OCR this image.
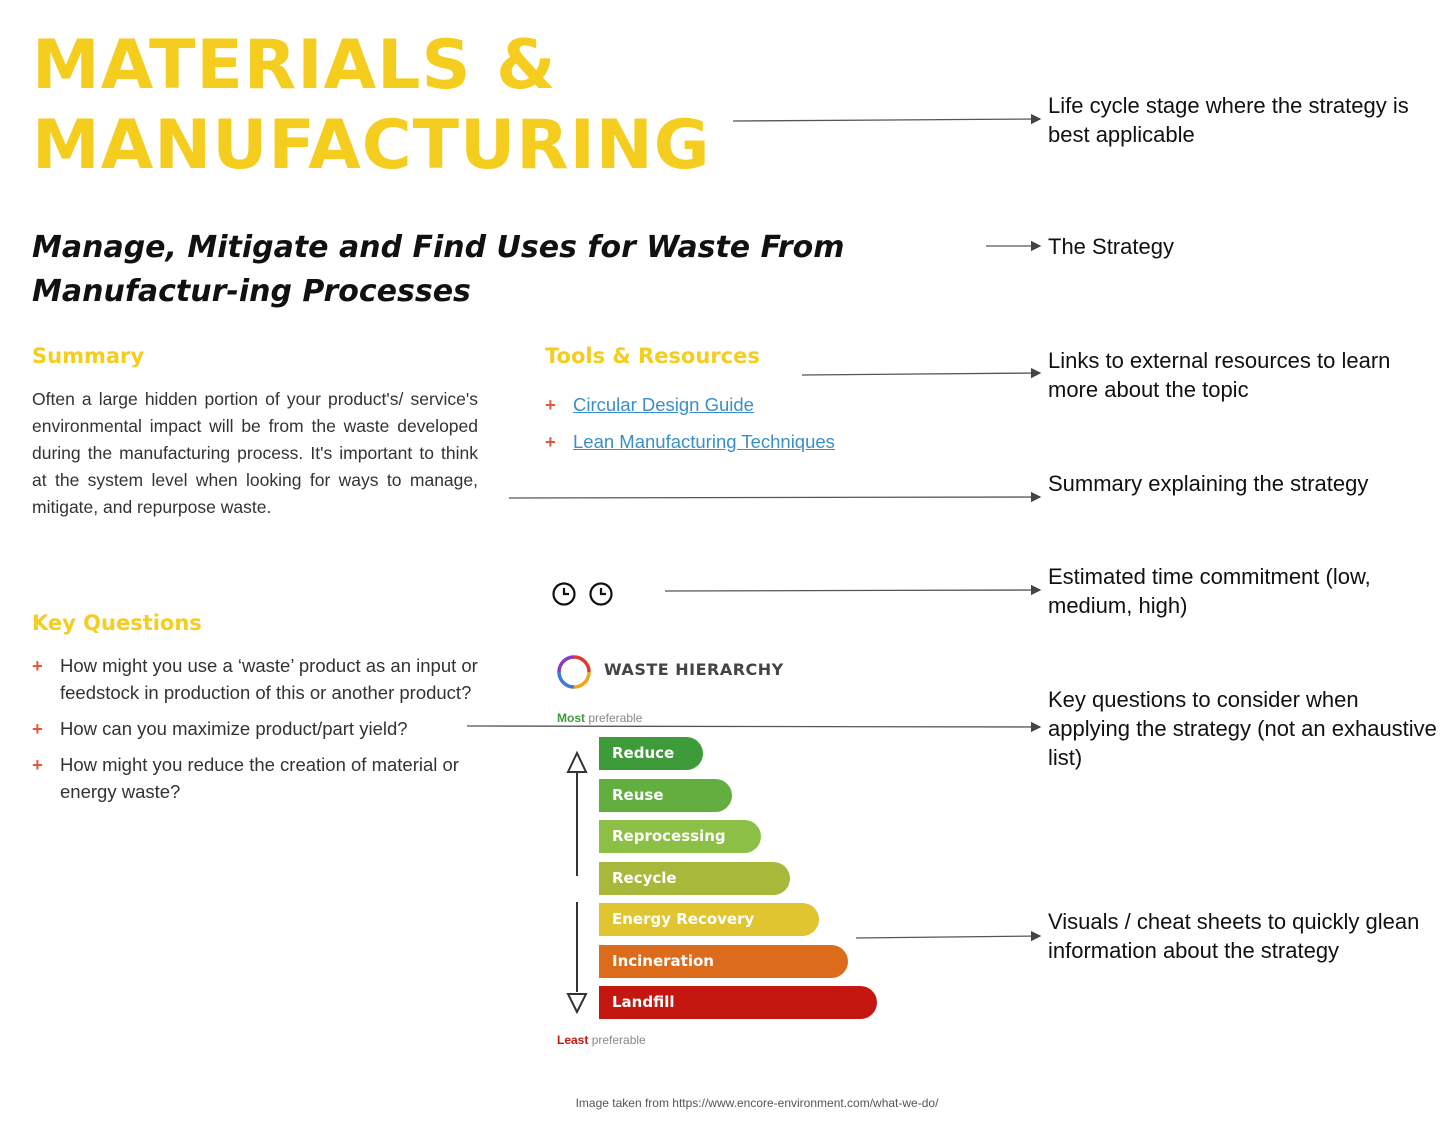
MATERIALS &
MANUFACTURING
Manage, Mitigate and Find Uses for Waste From Manufactur-ing Processes
Summary
Often a large hidden portion of your product's/ service's environmental impact will be from the waste developed during the manufacturing process. It's important to think at the system level when looking for ways to manage, mitigate, and repurpose waste.
Tools & Resources
+ Circular Design Guide
+ Lean Manufacturing Techniques
Key Questions
+ How might you use a ‘waste’ product as an input or feedstock in production of this or another product?
+ How can you maximize product/part yield?
+ How might you reduce the creation of material or energy waste?
WASTE HIERARCHY
Most preferable
Least preferable
Reduce
Reuse
Reprocessing
Recycle
Energy Recovery
Incineration
Landfill
Life cycle stage where the strategy is best applicable
The Strategy
Links to external resources to learn more about the topic
Summary explaining the strategy
Estimated time commitment (low, medium, high)
Key questions to consider when applying the strategy (not an exhaustive list)
Visuals / cheat sheets to quickly glean information about the strategy
Image taken from https://www.encore-environment.com/what-we-do/
